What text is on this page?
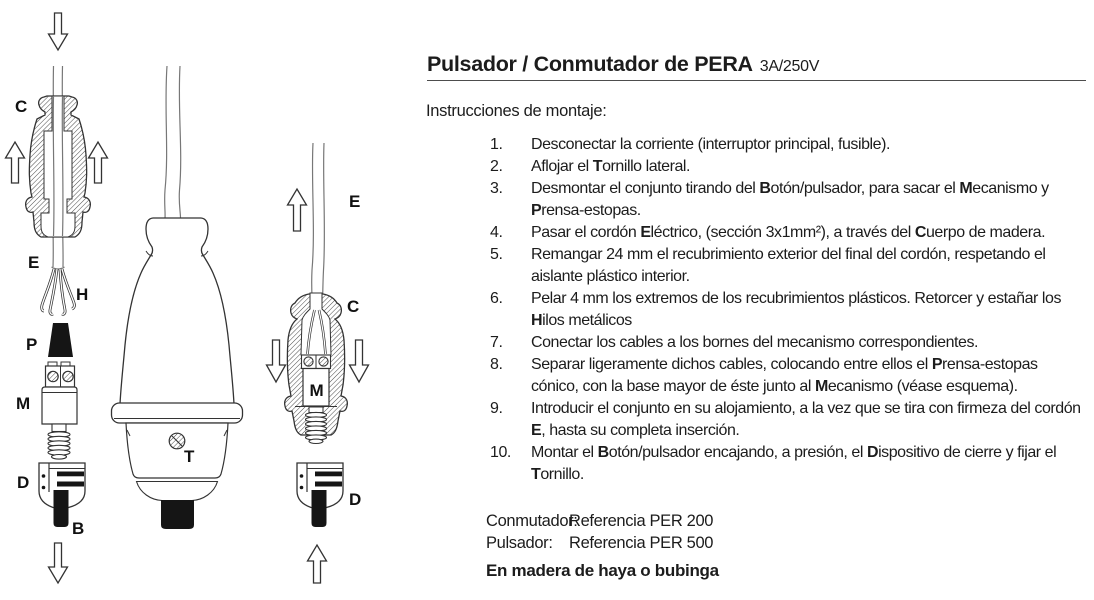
C
E
H
P
M
D
B
T
E
C
M
D
Pulsador / Conmutador de PERA 3A/250V
Instrucciones de montaje:
1.	Desconectar la corriente (interruptor principal, fusible).
2.	Aflojar el Tornillo lateral.
3.	Desmontar el conjunto tirando del Botón/pulsador, para sacar el Mecanismo y Prensa-estopas.
4.	Pasar el cordón Eléctrico, (sección 3x1mm²), a través del Cuerpo de madera.
5.	Remangar 24 mm el recubrimiento exterior del final del cordón, respetando el aislante plástico interior.
6.	Pelar 4 mm los extremos de los recubrimientos plásticos. Retorcer y estañar los Hilos metálicos
7.	Conectar los cables a los bornes del mecanismo correspondientes.
8.	Separar ligeramente dichos cables, colocando entre ellos el Prensa-estopas cónico, con la base mayor de éste junto al Mecanismo (véase esquema).
9.	Introducir el conjunto en su alojamiento, a la vez que se tira con firmeza del cordón E, hasta su completa inserción.
10.	Montar el Botón/pulsador encajando, a presión, el Dispositivo de cierre y fijar el Tornillo.
Conmutador:Referencia PER 200
Pulsador: Referencia PER 500
En madera de haya o bubinga
